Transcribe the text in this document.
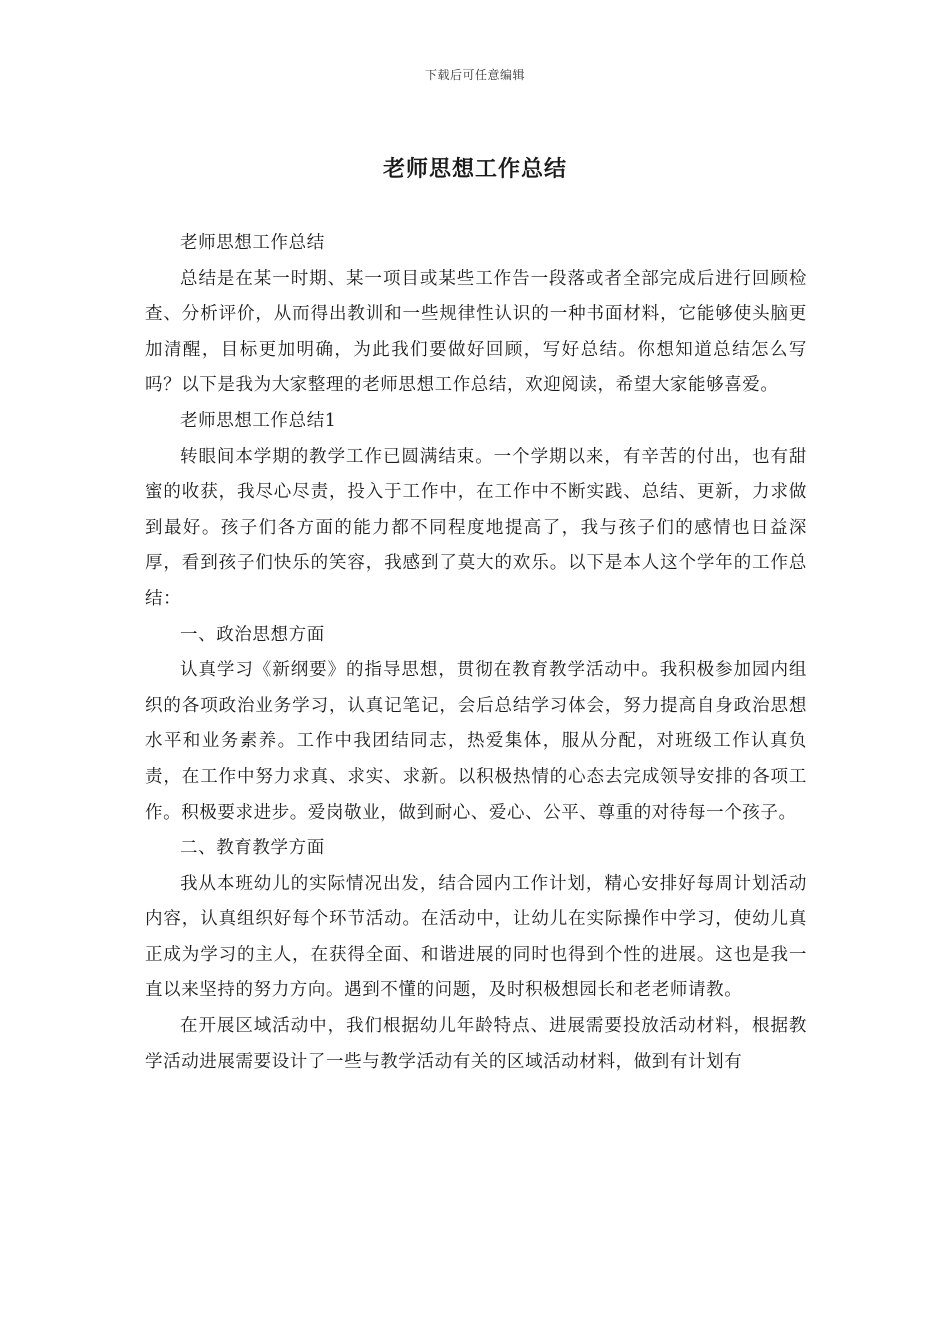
下载后可任意编辑
老师思想工作总结

老师思想工作总结

总结是在某一时期、某一项目或某些工作告一段落或者全部完成后进行回顾检查、分析评价，从而得出教训和一些规律性认识的一种书面材料，它能够使头脑更加清醒，目标更加明确，为此我们要做好回顾，写好总结。你想知道总结怎么写吗？以下是我为大家整理的老师思想工作总结，欢迎阅读，希望大家能够喜爱。

老师思想工作总结1

转眼间本学期的教学工作已圆满结束。一个学期以来，有辛苦的付出，也有甜蜜的收获，我尽心尽责，投入于工作中，在工作中不断实践、总结、更新，力求做到最好。孩子们各方面的能力都不同程度地提高了，我与孩子们的感情也日益深厚，看到孩子们快乐的笑容，我感到了莫大的欢乐。以下是本人这个学年的工作总结：

一、政治思想方面

认真学习《新纲要》的指导思想，贯彻在教育教学活动中。我积极参加园内组织的各项政治业务学习，认真记笔记，会后总结学习体会，努力提高自身政治思想水平和业务素养。工作中我团结同志，热爱集体，服从分配，对班级工作认真负责，在工作中努力求真、求实、求新。以积极热情的心态去完成领导安排的各项工作。积极要求进步。爱岗敬业，做到耐心、爱心、公平、尊重的对待每一个孩子。

二、教育教学方面

我从本班幼儿的实际情况出发，结合园内工作计划，精心安排好每周计划活动内容，认真组织好每个环节活动。在活动中，让幼儿在实际操作中学习，使幼儿真正成为学习的主人，在获得全面、和谐进展的同时也得到个性的进展。这也是我一直以来坚持的努力方向。遇到不懂的问题，及时积极想园长和老老师请教。

在开展区域活动中，我们根据幼儿年龄特点、进展需要投放活动材料，根据教学活动进展需要设计了一些与教学活动有关的区域活动材料，做到有计划有
